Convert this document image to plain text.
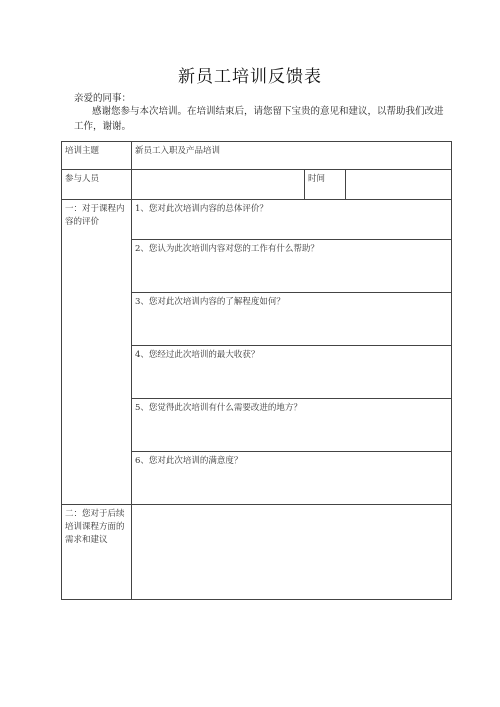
新员工培训反馈表
亲爱的同事：
感谢您参与本次培训。在培训结束后，请您留下宝贵的意见和建议，以帮助我们改进工作，谢谢。
培训主题	新员工入职及产品培训		
参与人员		时间	

一：对于课程内容的评价	1、您对此次培训内容的总体评价？		

	2、您认为此次培训内容对您的工作有什么帮助？		

	3、您对此次培训内容的了解程度如何？		

	4、您经过此次培训的最大收获？		

	5、您觉得此次培训有什么需要改进的地方？		

	6、您对此次培训的满意度？		

二：您对于后续培训课程方面的需求和建议			
